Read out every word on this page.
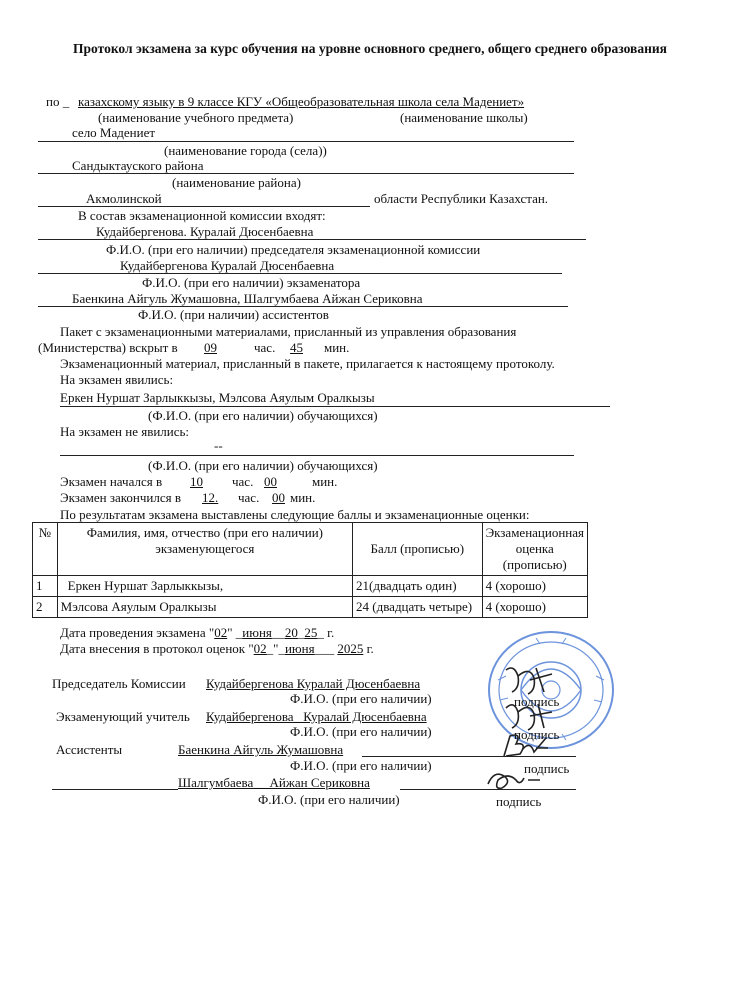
Протокол экзамена за курс обучения на уровне основного среднего, общего среднего образования
по _ казахскому языку в 9 классе КГУ «Общеобразовательная школа села Мадениет»
(наименование учебного предмета)	(наименование школы)
село Мадениет
(наименование города (села))
Сандыктауского района
(наименование района)
Акмолинской	области Республики Казахстан.
В состав экзаменационной комиссии входят:
Кудайбергенова. Куралай Дюсенбаевна
Ф.И.О. (при его наличии) председателя экзаменационной комиссии
Кудайбергенова Куралай Дюсенбаевна
Ф.И.О. (при его наличии) экзаменатора
Баенкина Айгуль Жумашовна, Шалгумбаева Айжан Сериковна
Ф.И.О. (при наличии) ассистентов
Пакет с экзаменационными материалами, присланный из управления образования
(Министерства) вскрыт в 09	час. 45 мин.
Экзаменационный материал, присланный в пакете, прилагается к настоящему протоколу.
На экзамен явились:
Еркен Нуршат Зарлыккызы, Мэлсова Аяулым Оралкызы
(Ф.И.О. (при его наличии) обучающихся)
На экзамен не явились:
--
(Ф.И.О. (при его наличии) обучающихся)
Экзамен начался в 10 час. 00	мин.
Экзамен закончился в 12. час. 00 мин.
По результатам экзамена выставлены следующие баллы и экзаменационные оценки:
№	Фамилия, имя, отчество (при его наличии) экзаменующегося	Балл (прописью)	Экзаменационная оценка (прописью)
1	Еркен Нуршат Зарлыккызы,	21(двадцать один)	4 (хорошо)
2	Мэлсова Аяулым Оралкызы	24 (двадцать четыре)	4 (хорошо)
Дата проведения экзамена "02" _июня__20_25_ г.
Дата внесения в протокол оценок "02_"_июня___ 2025 г.
Председатель Комиссии Кудайбергенова Куралай Дюсенбаевна
Ф.И.О. (при его наличии)	подпись
Экзаменующий учитель Кудайбергенова_ Куралай Дюсенбаевна
Ф.И.О. (при его наличии)	подпись
Ассистенты	Баенкина Айгуль Жумашовна
Ф.И.О. (при его наличии)	подпись
Шалгумбаева__ Айжан Сериковна
Ф.И.О. (при его наличии)	подпись
